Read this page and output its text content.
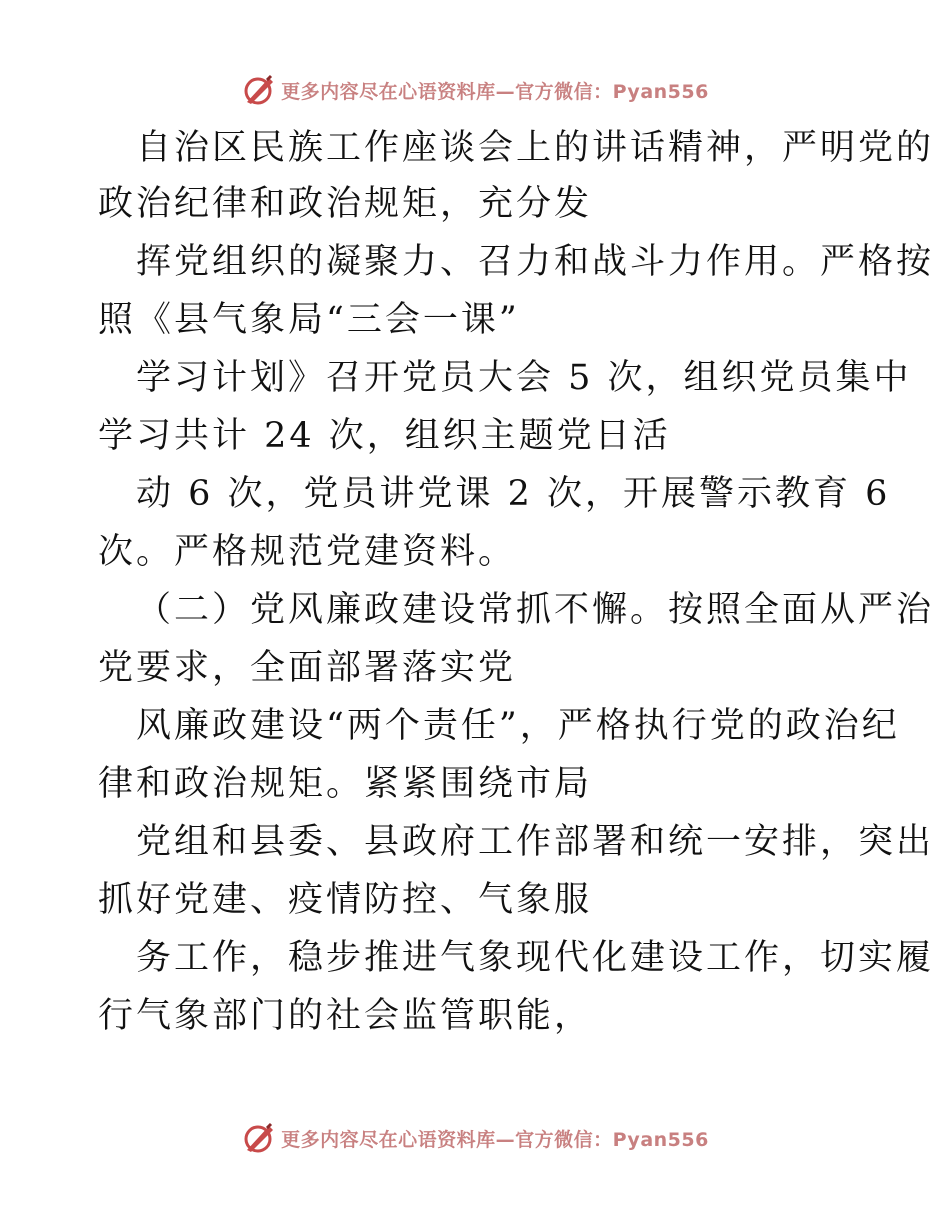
更多内容尽在心语资料库—官方微信：Pyan556
自治区民族工作座谈会上的讲话精神，严明党的
政治纪律和政治规矩，充分发
挥党组织的凝聚力、召力和战斗力作用。严格按
照《县气象局“三会一课”
学习计划》召开党员大会 5 次，组织党员集中
学习共计 24 次，组织主题党日活
动 6 次，党员讲党课 2 次，开展警示教育 6
次。严格规范党建资料。
（二）党风廉政建设常抓不懈。按照全面从严治
党要求，全面部署落实党
风廉政建设“两个责任”，严格执行党的政治纪
律和政治规矩。紧紧围绕市局
党组和县委、县政府工作部署和统一安排，突出
抓好党建、疫情防控、气象服
务工作，稳步推进气象现代化建设工作，切实履
行气象部门的社会监管职能，
更多内容尽在心语资料库—官方微信：Pyan556
